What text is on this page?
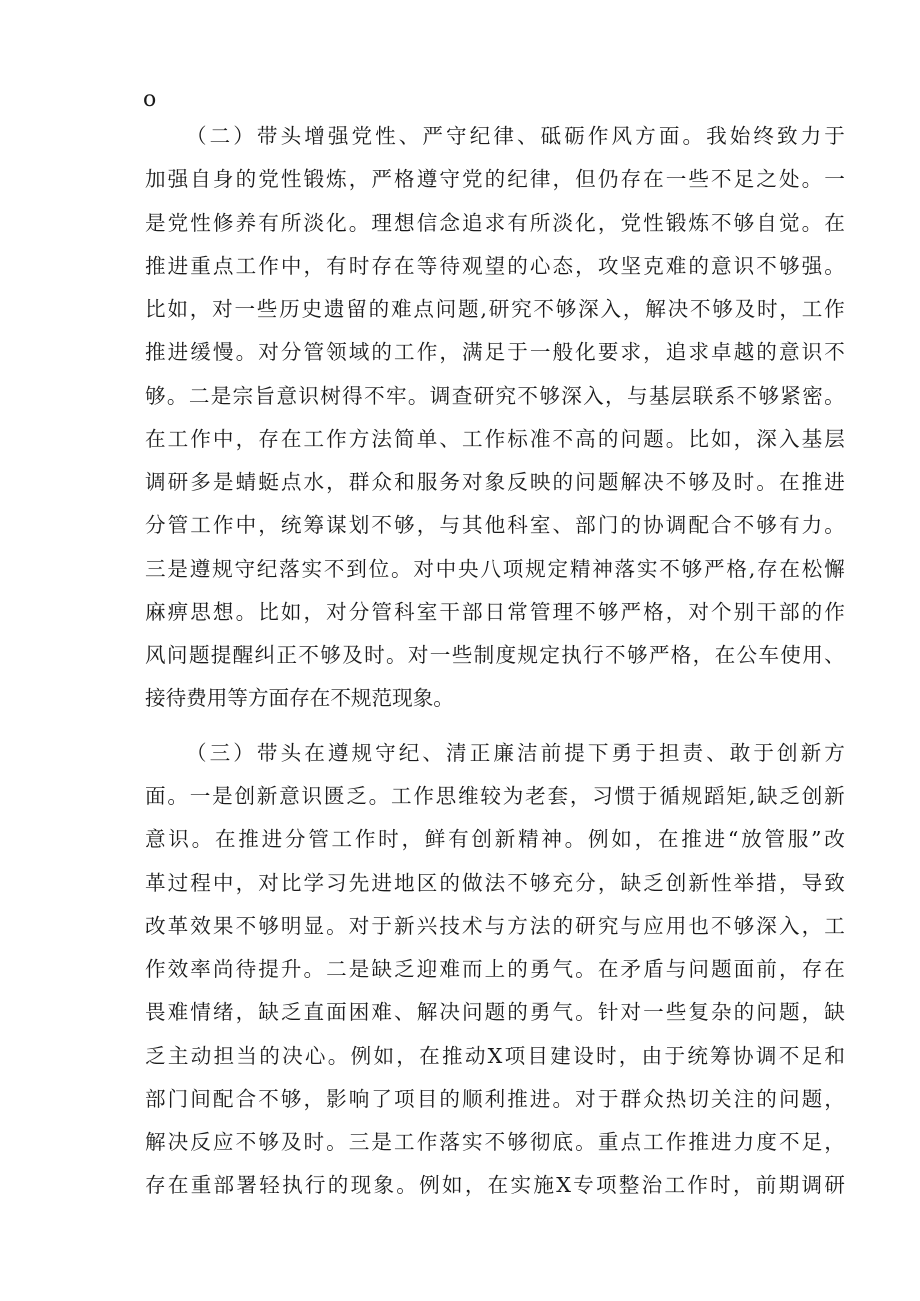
o
（ 二 ） 带 头 增 强 党 性 、 严 守 纪 律 、 砥 砺 作 风 方 面 。 我 始 终 致 力 于
加 强 自 身 的 党 性 锻 炼 ， 严 格 遵 守 党 的 纪 律 ， 但 仍 存 在 一 些 不 足 之 处 。 一
是 党 性 修 养 有 所 淡 化 。 理 想 信 念 追 求 有 所 淡 化 ， 党 性 锻 炼 不 够 自 觉 。 在
推 进 重 点 工 作 中 ， 有 时 存 在 等 待 观 望 的 心 态 ， 攻 坚 克 难 的 意 识 不 够 强 。
比 如 ， 对 一 些 历 史 遗 留 的 难 点 问 题 , 研 究 不 够 深 入 ， 解 决 不 够 及 时 ， 工 作
推 进 缓 慢 。 对 分 管 领 域 的 工 作 ， 满 足 于 一 般 化 要 求 ， 追 求 卓 越 的 意 识 不
够 。 二 是 宗 旨 意 识 树 得 不 牢 。 调 查 研 究 不 够 深 入 ， 与 基 层 联 系 不 够 紧 密 。
在 工 作 中 ， 存 在 工 作 方 法 简 单 、 工 作 标 准 不 高 的 问 题 。 比 如 ， 深 入 基 层
调 研 多 是 蜻 蜓 点 水 ， 群 众 和 服 务 对 象 反 映 的 问 题 解 决 不 够 及 时 。 在 推 进
分 管 工 作 中 ， 统 筹 谋 划 不 够 ， 与 其 他 科 室 、 部 门 的 协 调 配 合 不 够 有 力 。
三 是 遵 规 守 纪 落 实 不 到 位 。 对 中 央 八 项 规 定 精 神 落 实 不 够 严 格 , 存 在 松 懈
麻 痹 思 想 。 比 如 ， 对 分 管 科 室 干 部 日 常 管 理 不 够 严 格 ， 对 个 别 干 部 的 作
风 问 题 提 醒 纠 正 不 够 及 时 。 对 一 些 制 度 规 定 执 行 不 够 严 格 ， 在 公 车 使 用 、
接待费用等方面存在不规范现象。
（ 三 ） 带 头 在 遵 规 守 纪 、 清 正 廉 洁 前 提 下 勇 于 担 责 、 敢 于 创 新 方
面 。 一 是 创 新 意 识 匮 乏 。 工 作 思 维 较 为 老 套 ， 习 惯 于 循 规 蹈 矩 , 缺 乏 创 新
意 识 。 在 推 进 分 管 工 作 时 ， 鲜 有 创 新 精 神 。 例 如 ， 在 推 进 “ 放 管 服 ” 改
革 过 程 中 ， 对 比 学 习 先 进 地 区 的 做 法 不 够 充 分 ， 缺 乏 创 新 性 举 措 ， 导 致
改 革 效 果 不 够 明 显 。 对 于 新 兴 技 术 与 方 法 的 研 究 与 应 用 也 不 够 深 入 ， 工
作 效 率 尚 待 提 升 。 二 是 缺 乏 迎 难 而 上 的 勇 气 。 在 矛 盾 与 问 题 面 前 ， 存 在
畏 难 情 绪 ， 缺 乏 直 面 困 难 、 解 决 问 题 的 勇 气 。 针 对 一 些 复 杂 的 问 题 ， 缺
乏 主 动 担 当 的 决 心 。 例 如 ， 在 推 动 X 项 目 建 设 时 ， 由 于 统 筹 协 调 不 足 和
部 门 间 配 合 不 够 ， 影 响 了 项 目 的 顺 利 推 进 。 对 于 群 众 热 切 关 注 的 问 题 ，
解 决 反 应 不 够 及 时 。 三 是 工 作 落 实 不 够 彻 底 。 重 点 工 作 推 进 力 度 不 足 ，
存 在 重 部 署 轻 执 行 的 现 象 。 例 如 ， 在 实 施 X 专 项 整 治 工 作 时 ， 前 期 调 研
